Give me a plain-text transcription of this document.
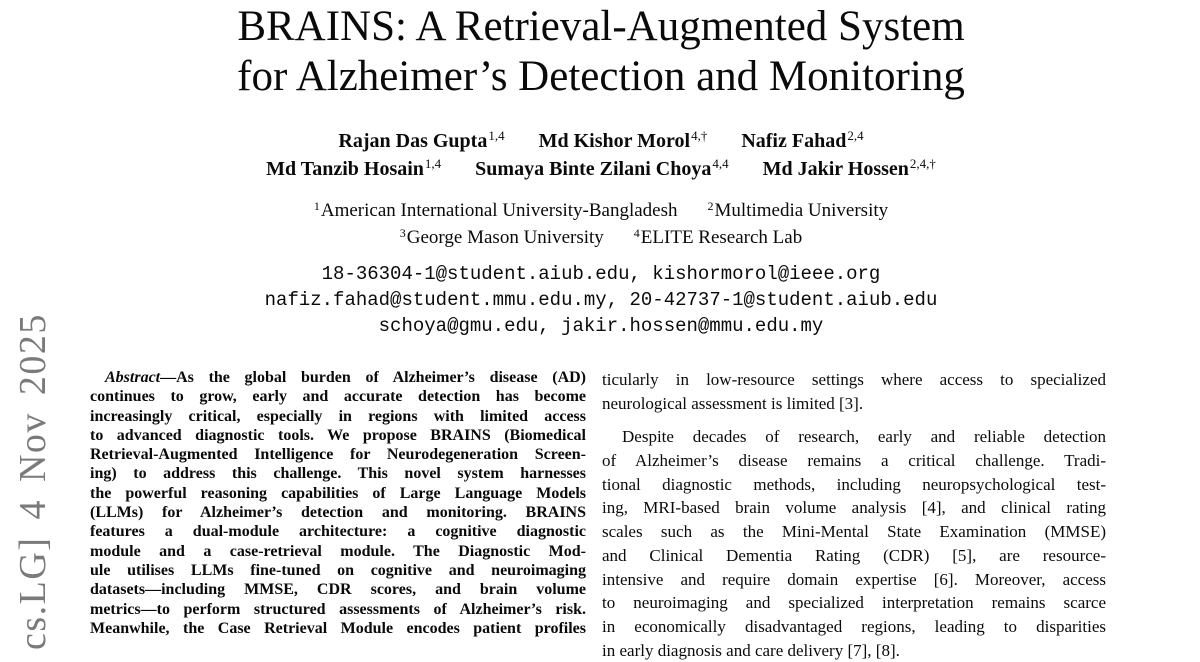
cs.LG] 4 Nov 2025
BRAINS: A Retrieval-Augmented System
for Alzheimer’s Detection and Monitoring
Rajan Das Gupta$^{1,4}$ Md Kishor Morol$^{4,\dagger}$ Nafiz Fahad$^{2,4}$
Md Tanzib Hosain$^{1,4}$ Sumaya Binte Zilani Choya$^{4,4}$ Md Jakir Hossen$^{2,4,\dagger}$
$^1$American International University-Bangladesh	$^2$Multimedia University
$^3$George Mason University	$^4$ELITE Research Lab
18-36304-1@student.aiub.edu, kishormorol@ieee.org
nafiz.fahad@student.mmu.edu.my, 20-42737-1@student.aiub.edu
schoya@gmu.edu, jakir.hossen@mmu.edu.my
Abstract—As the global burden of Alzheimer’s disease (AD)
continues to grow, early and accurate detection has become
increasingly critical, especially in regions with limited access
to advanced diagnostic tools. We propose BRAINS (Biomedical
Retrieval-Augmented Intelligence for Neurodegeneration Screen-
ing) to address this challenge. This novel system harnesses
the powerful reasoning capabilities of Large Language Models
(LLMs) for Alzheimer’s detection and monitoring. BRAINS
features a dual-module architecture: a cognitive diagnostic
module and a case-retrieval module. The Diagnostic Mod-
ule utilises LLMs fine-tuned on cognitive and neuroimaging
datasets—including MMSE, CDR scores, and brain volume
metrics—to perform structured assessments of Alzheimer’s risk.
Meanwhile, the Case Retrieval Module encodes patient profiles
ticularly in low-resource settings where access to specialized
neurological assessment is limited [3].
Despite decades of research, early and reliable detection
of Alzheimer’s disease remains a critical challenge. Tradi-
tional diagnostic methods, including neuropsychological test-
ing, MRI-based brain volume analysis [4], and clinical rating
scales such as the Mini-Mental State Examination (MMSE)
and Clinical Dementia Rating (CDR) [5], are resource-
intensive and require domain expertise [6]. Moreover, access
to neuroimaging and specialized interpretation remains scarce
in economically disadvantaged regions, leading to disparities
in early diagnosis and care delivery [7], [8].
